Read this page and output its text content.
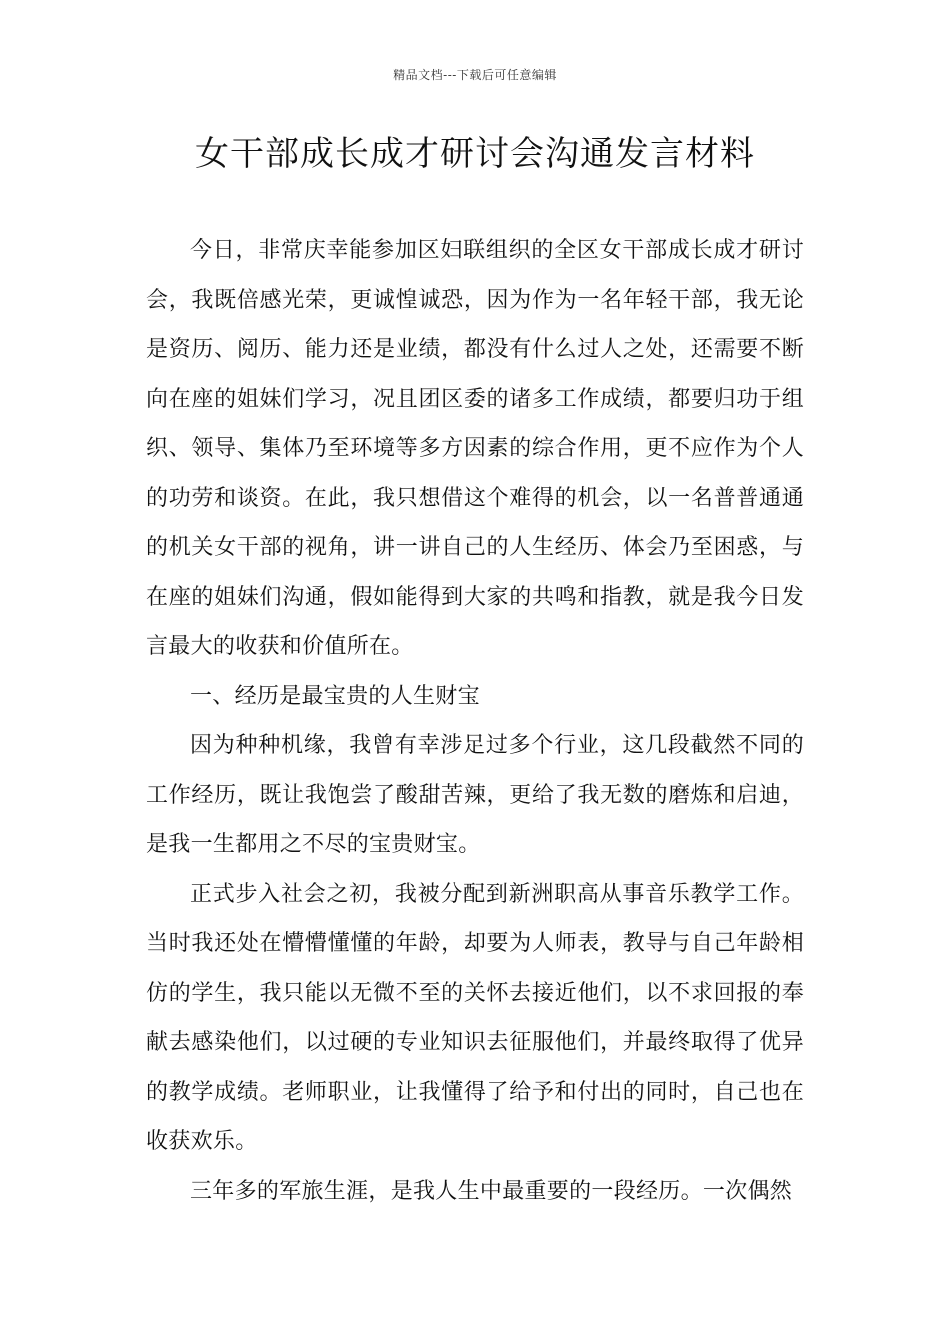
精品文档---下载后可任意编辑
女干部成长成才研讨会沟通发言材料

今日，非常庆幸能参加区妇联组织的全区女干部成长成才研讨会，我既倍感光荣，更诚惶诚恐，因为作为一名年轻干部，我无论是资历、阅历、能力还是业绩，都没有什么过人之处，还需要不断向在座的姐妹们学习，况且团区委的诸多工作成绩，都要归功于组织、领导、集体乃至环境等多方因素的综合作用，更不应作为个人的功劳和谈资。在此，我只想借这个难得的机会，以一名普普通通的机关女干部的视角，讲一讲自己的人生经历、体会乃至困惑，与在座的姐妹们沟通，假如能得到大家的共鸣和指教，就是我今日发言最大的收获和价值所在。

一、经历是最宝贵的人生财宝

因为种种机缘，我曾有幸涉足过多个行业，这几段截然不同的工作经历，既让我饱尝了酸甜苦辣，更给了我无数的磨炼和启迪，是我一生都用之不尽的宝贵财宝。

正式步入社会之初，我被分配到新洲职高从事音乐教学工作。当时我还处在懵懵懂懂的年龄，却要为人师表，教导与自己年龄相仿的学生，我只能以无微不至的关怀去接近他们，以不求回报的奉献去感染他们，以过硬的专业知识去征服他们，并最终取得了优异的教学成绩。老师职业，让我懂得了给予和付出的同时，自己也在收获欢乐。

三年多的军旅生涯，是我人生中最重要的一段经历。一次偶然
